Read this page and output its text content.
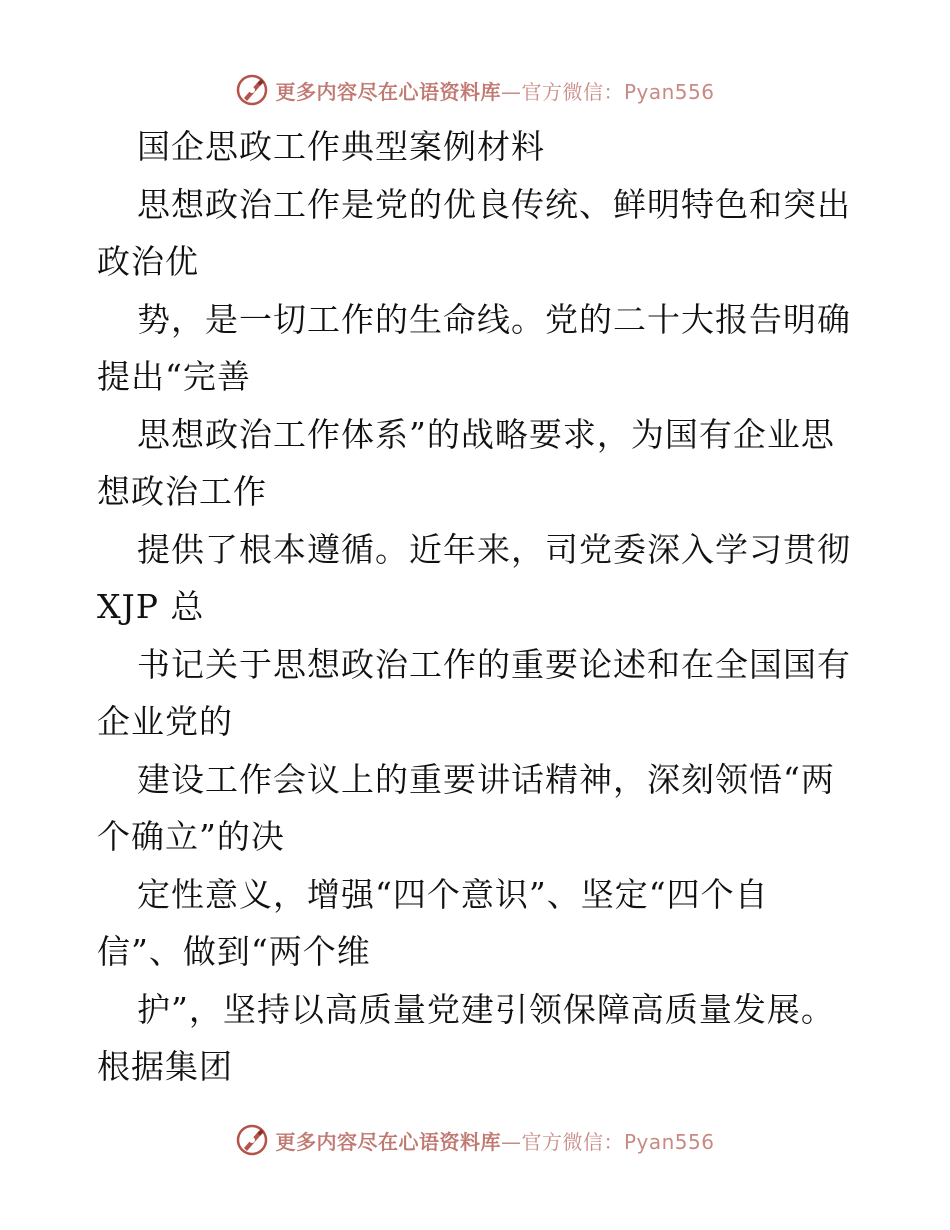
更多内容尽在心语资料库—官方微信：Pyan556
国企思政工作典型案例材料
思想政治工作是党的优良传统、鲜明特色和突出
政治优
势，是一切工作的生命线。党的二十大报告明确
提出“完善
思想政治工作体系”的战略要求，为国有企业思
想政治工作
提供了根本遵循。近年来，司党委深入学习贯彻
XJP 总
书记关于思想政治工作的重要论述和在全国国有
企业党的
建设工作会议上的重要讲话精神，深刻领悟“两
个确立”的决
定性意义，增强“四个意识”、坚定“四个自
信”、做到“两个维
护”，坚持以高质量党建引领保障高质量发展。
根据集团
更多内容尽在心语资料库—官方微信：Pyan556
